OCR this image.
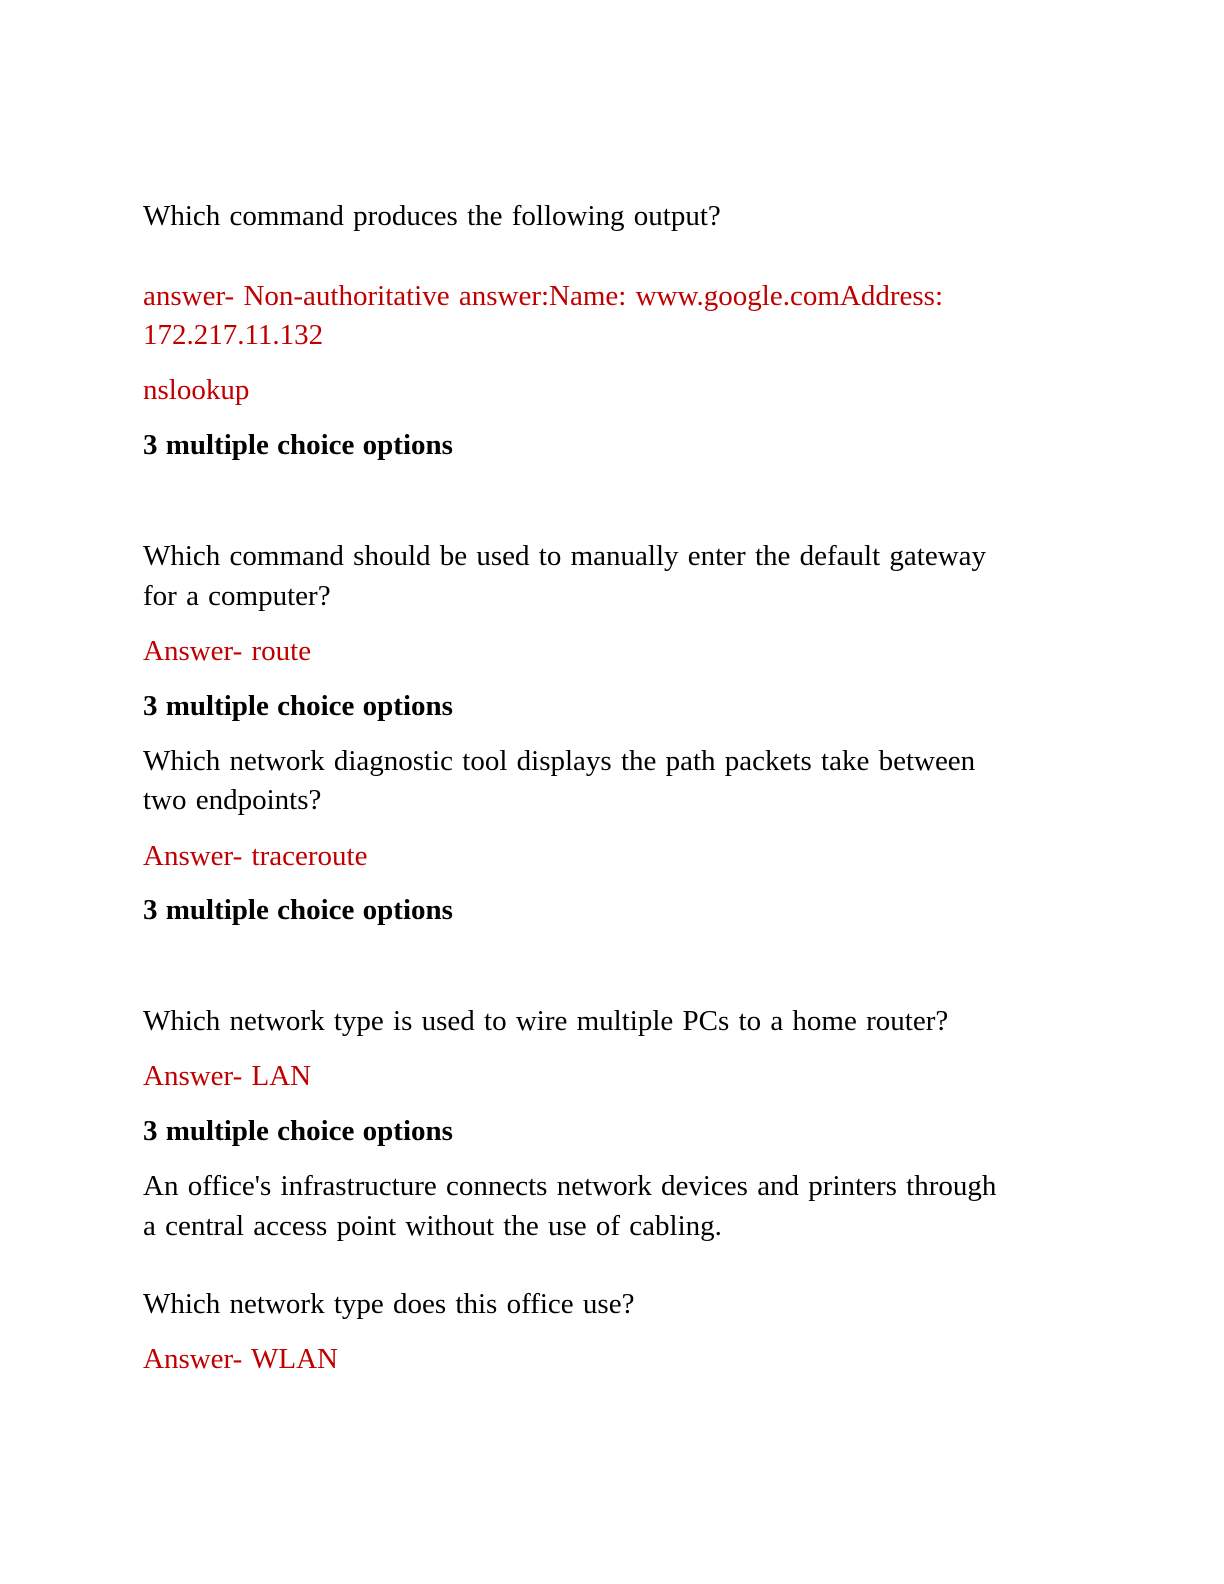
Which command produces the following output?
answer- Non-authoritative answer:Name: www.google.comAddress:
172.217.11.132
nslookup
3 multiple choice options
Which command should be used to manually enter the default gateway
for a computer?
Answer- route
3 multiple choice options
Which network diagnostic tool displays the path packets take between
two endpoints?
Answer- traceroute
3 multiple choice options
Which network type is used to wire multiple PCs to a home router?
Answer- LAN
3 multiple choice options
An office's infrastructure connects network devices and printers through
a central access point without the use of cabling.
Which network type does this office use?
Answer- WLAN
